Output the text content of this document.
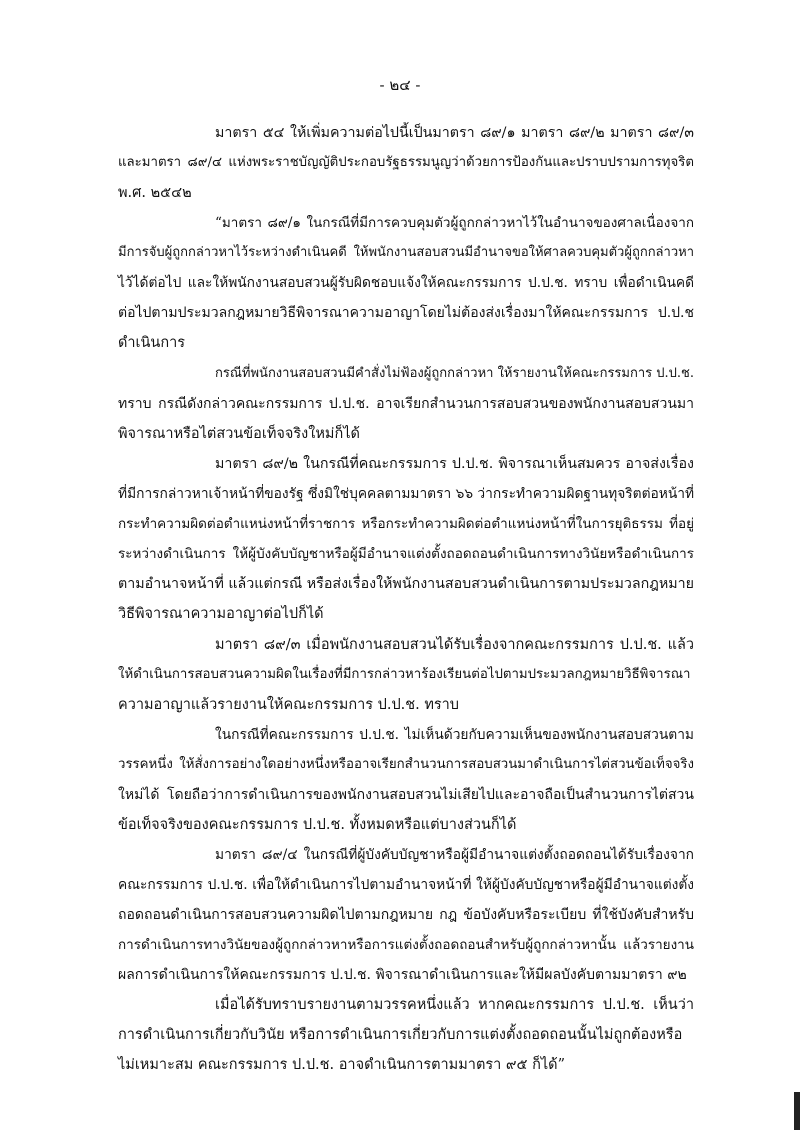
- ๒๔ -
มาตรา ๕๔ ให้เพิ่มความต่อไปนี้เป็นมาตรา ๘๙/๑ มาตรา ๘๙/๒ มาตรา ๘๙/๓
และมาตรา ๘๙/๔ แห่งพระราชบัญญัติประกอบรัฐธรรมนูญว่าด้วยการป้องกันและปราบปรามการทุจริต
พ.ศ. ๒๕๔๒
“มาตรา ๘๙/๑ ในกรณีที่มีการควบคุมตัวผู้ถูกกล่าวหาไว้ในอำนาจของศาลเนื่องจาก
มีการจับผู้ถูกกล่าวหาไว้ระหว่างดำเนินคดี ให้พนักงานสอบสวนมีอำนาจขอให้ศาลควบคุมตัวผู้ถูกกล่าวหา
ไว้ได้ต่อไป และให้พนักงานสอบสวนผู้รับผิดชอบแจ้งให้คณะกรรมการ ป.ป.ช. ทราบ เพื่อดำเนินคดี
ต่อไปตามประมวลกฎหมายวิธีพิจารณาความอาญาโดยไม่ต้องส่งเรื่องมาให้คณะกรรมการ ป.ป.ช
ดำเนินการ
กรณีที่พนักงานสอบสวนมีคำสั่งไม่ฟ้องผู้ถูกกล่าวหา ให้รายงานให้คณะกรรมการ ป.ป.ช.
ทราบ กรณีดังกล่าวคณะกรรมการ ป.ป.ช. อาจเรียกสำนวนการสอบสวนของพนักงานสอบสวนมา
พิจารณาหรือไต่สวนข้อเท็จจริงใหม่ก็ได้
มาตรา ๘๙/๒ ในกรณีที่คณะกรรมการ ป.ป.ช. พิจารณาเห็นสมควร อาจส่งเรื่อง
ที่มีการกล่าวหาเจ้าหน้าที่ของรัฐ ซึ่งมิใช่บุคคลตามมาตรา ๖๖ ว่ากระทำความผิดฐานทุจริตต่อหน้าที่
กระทำความผิดต่อตำแหน่งหน้าที่ราชการ หรือกระทำความผิดต่อตำแหน่งหน้าที่ในการยุติธรรม ที่อยู่
ระหว่างดำเนินการ ให้ผู้บังคับบัญชาหรือผู้มีอำนาจแต่งตั้งถอดถอนดำเนินการทางวินัยหรือดำเนินการ
ตามอำนาจหน้าที่ แล้วแต่กรณี หรือส่งเรื่องให้พนักงานสอบสวนดำเนินการตามประมวลกฎหมาย
วิธีพิจารณาความอาญาต่อไปก็ได้
มาตรา ๘๙/๓ เมื่อพนักงานสอบสวนได้รับเรื่องจากคณะกรรมการ ป.ป.ช. แล้ว
ให้ดำเนินการสอบสวนความผิดในเรื่องที่มีการกล่าวหาร้องเรียนต่อไปตามประมวลกฎหมายวิธีพิจารณา
ความอาญาแล้วรายงานให้คณะกรรมการ ป.ป.ช. ทราบ
ในกรณีที่คณะกรรมการ ป.ป.ช. ไม่เห็นด้วยกับความเห็นของพนักงานสอบสวนตาม
วรรคหนึ่ง ให้สั่งการอย่างใดอย่างหนึ่งหรืออาจเรียกสำนวนการสอบสวนมาดำเนินการไต่สวนข้อเท็จจริง
ใหม่ได้ โดยถือว่าการดำเนินการของพนักงานสอบสวนไม่เสียไปและอาจถือเป็นสำนวนการไต่สวน
ข้อเท็จจริงของคณะกรรมการ ป.ป.ช. ทั้งหมดหรือแต่บางส่วนก็ได้
มาตรา ๘๙/๔ ในกรณีที่ผู้บังคับบัญชาหรือผู้มีอำนาจแต่งตั้งถอดถอนได้รับเรื่องจาก
คณะกรรมการ ป.ป.ช. เพื่อให้ดำเนินการไปตามอำนาจหน้าที่ ให้ผู้บังคับบัญชาหรือผู้มีอำนาจแต่งตั้ง
ถอดถอนดำเนินการสอบสวนความผิดไปตามกฎหมาย กฎ ข้อบังคับหรือระเบียบ ที่ใช้บังคับสำหรับ
การดำเนินการทางวินัยของผู้ถูกกล่าวหาหรือการแต่งตั้งถอดถอนสำหรับผู้ถูกกล่าวหานั้น แล้วรายงาน
ผลการดำเนินการให้คณะกรรมการ ป.ป.ช. พิจารณาดำเนินการและให้มีผลบังคับตามมาตรา ๙๒
เมื่อได้รับทราบรายงานตามวรรคหนึ่งแล้ว หากคณะกรรมการ ป.ป.ช. เห็นว่า
การดำเนินการเกี่ยวกับวินัย หรือการดำเนินการเกี่ยวกับการแต่งตั้งถอดถอนนั้นไม่ถูกต้องหรือ
ไม่เหมาะสม คณะกรรมการ ป.ป.ช. อาจดำเนินการตามมาตรา ๙๕ ก็ได้”
